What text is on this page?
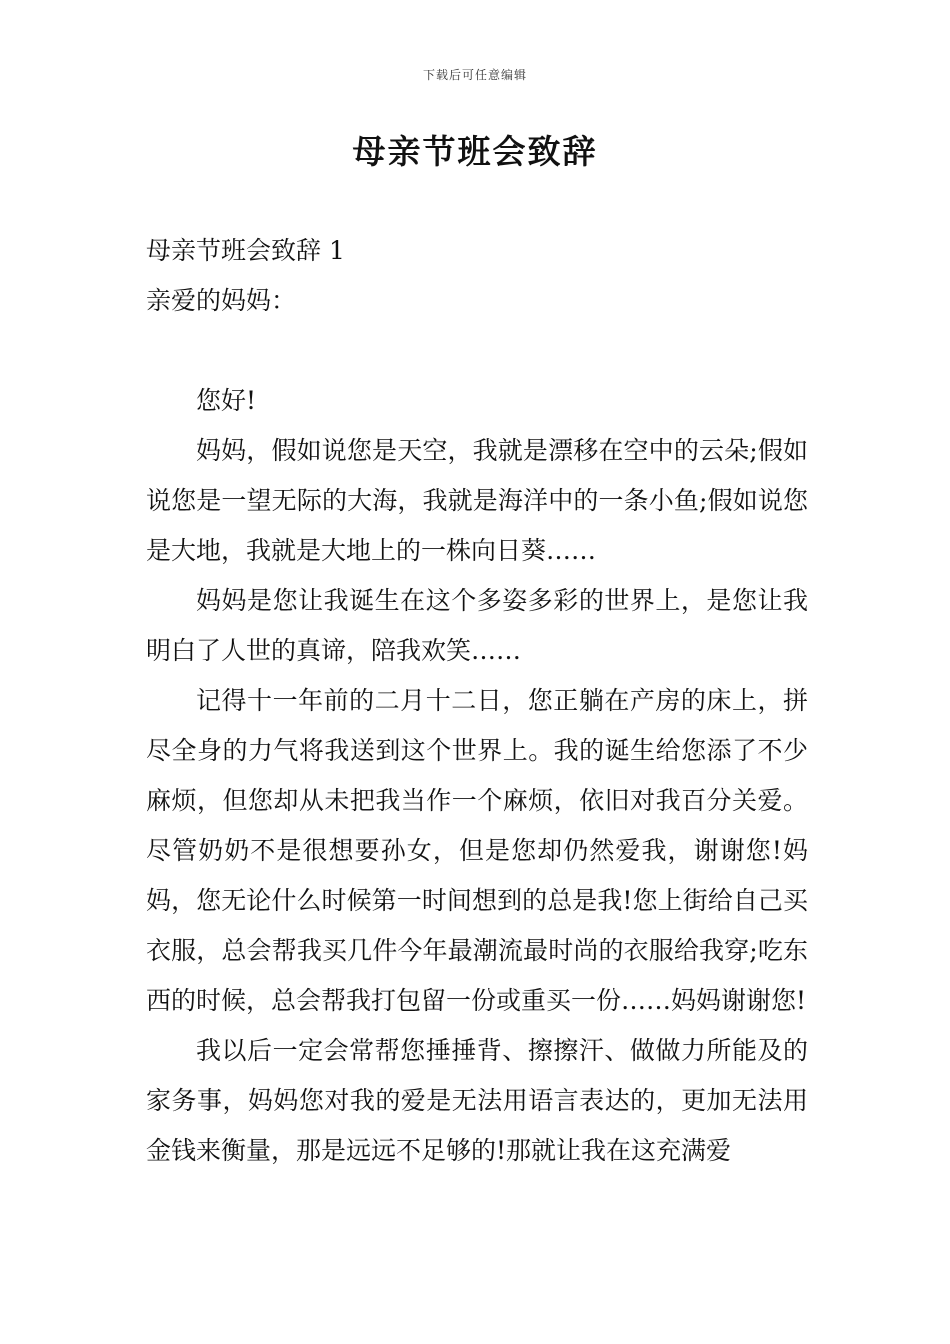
下载后可任意编辑
母亲节班会致辞
母亲节班会致辞 1
亲爱的妈妈：

您好!

妈妈，假如说您是天空，我就是漂移在空中的云朵;假如说您是一望无际的大海，我就是海洋中的一条小鱼;假如说您是大地，我就是大地上的一株向日葵……

妈妈是您让我诞生在这个多姿多彩的世界上，是您让我明白了人世的真谛，陪我欢笑……

记得十一年前的二月十二日，您正躺在产房的床上，拼尽全身的力气将我送到这个世界上。我的诞生给您添了不少麻烦，但您却从未把我当作一个麻烦，依旧对我百分关爱。尽管奶奶不是很想要孙女，但是您却仍然爱我，谢谢您!妈妈，您无论什么时候第一时间想到的总是我!您上街给自己买衣服，总会帮我买几件今年最潮流最时尚的衣服给我穿;吃东西的时候，总会帮我打包留一份或重买一份……妈妈谢谢您!

我以后一定会常帮您捶捶背、擦擦汗、做做力所能及的家务事，妈妈您对我的爱是无法用语言表达的，更加无法用金钱来衡量，那是远远不足够的!那就让我在这充满爱
